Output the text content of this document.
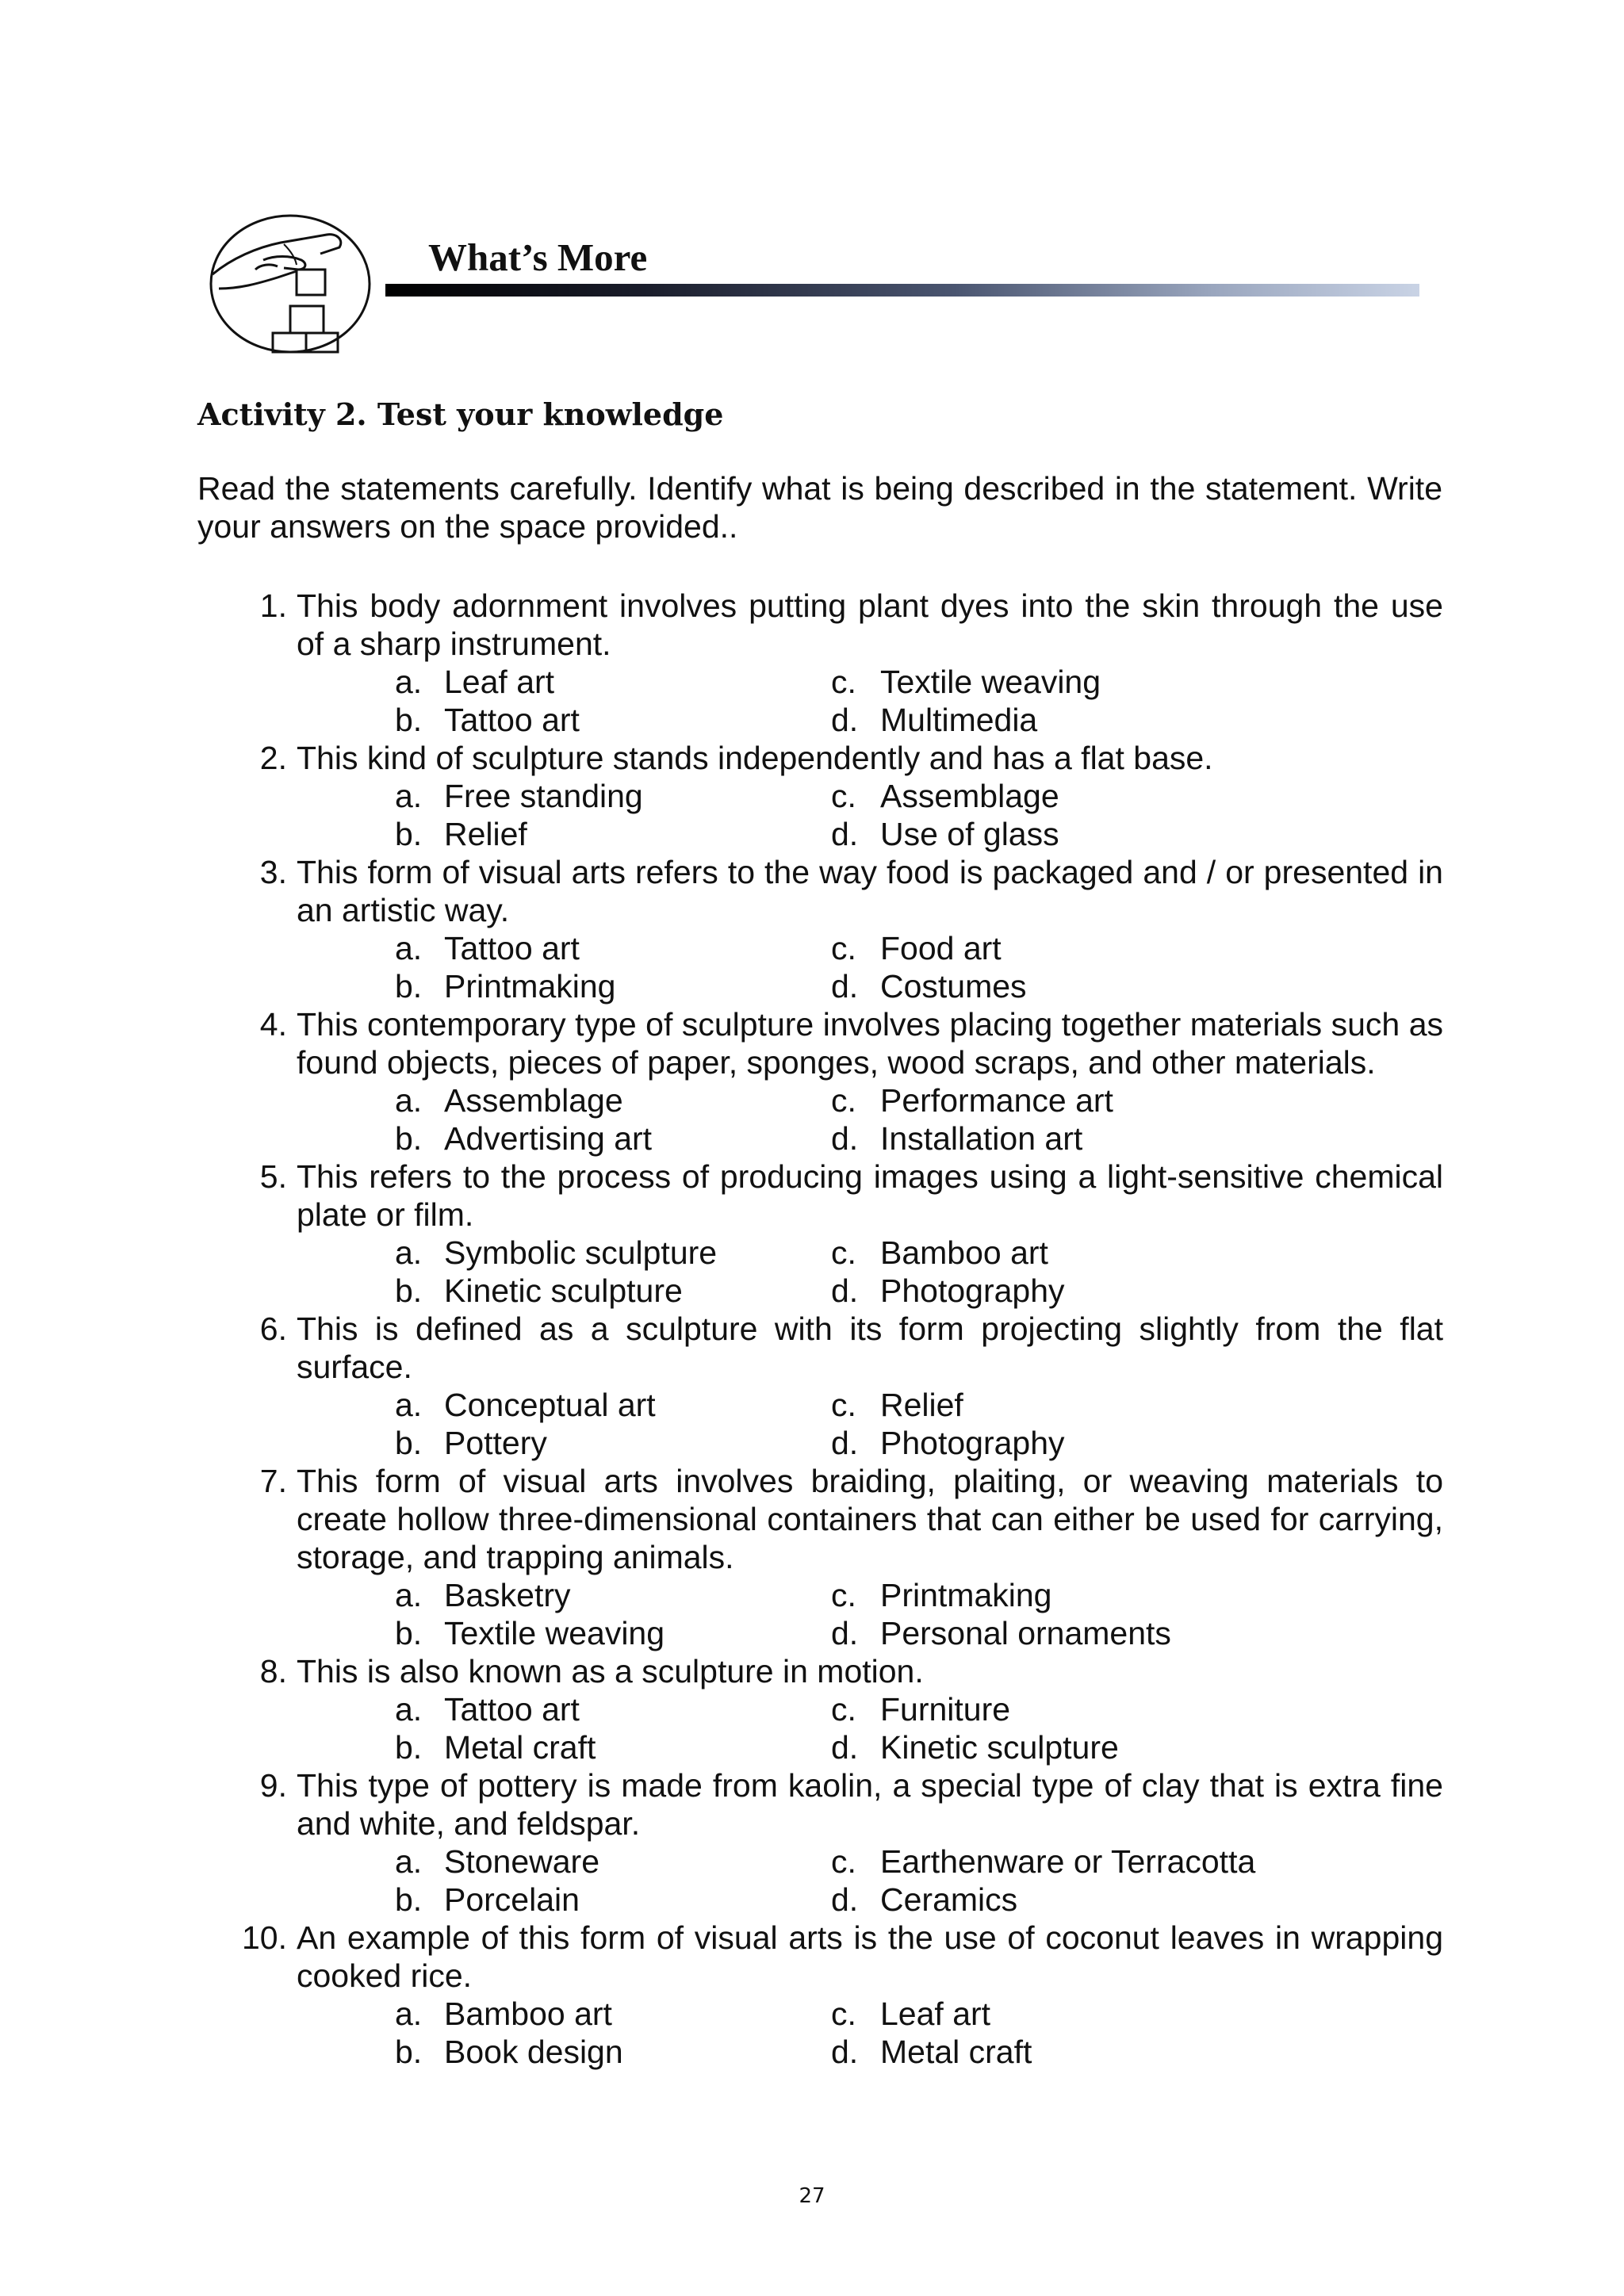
What’s More
Activity 2. Test your knowledge

Read the statements carefully. Identify what is being described in the statement. Write your answers on the space provided..

1. This body adornment involves putting plant dyes into the skin through the use of a sharp instrument.
a. Leaf art
b. Tattoo art
c. Textile weaving
d. Multimedia
2. This kind of sculpture stands independently and has a flat base.
a. Free standing
b. Relief
c. Assemblage
d. Use of glass
3. This form of visual arts refers to the way food is packaged and / or presented in an artistic way.
a. Tattoo art
b. Printmaking
c. Food art
d. Costumes
4. This contemporary type of sculpture involves placing together materials such as found objects, pieces of paper, sponges, wood scraps, and other materials.
a. Assemblage
b. Advertising art
c. Performance art
d. Installation art
5. This refers to the process of producing images using a light-sensitive chemical plate or film.
a. Symbolic sculpture
b. Kinetic sculpture
c. Bamboo art
d. Photography
6. This is defined as a sculpture with its form projecting slightly from the flat surface.
a. Conceptual art
b. Pottery
c. Relief
d. Photography
7. This form of visual arts involves braiding, plaiting, or weaving materials to create hollow three-dimensional containers that can either be used for carrying, storage, and trapping animals.
a. Basketry
b. Textile weaving
c. Printmaking
d. Personal ornaments
8. This is also known as a sculpture in motion.
a. Tattoo art
b. Metal craft
c. Furniture
d. Kinetic sculpture
9. This type of pottery is made from kaolin, a special type of clay that is extra fine and white, and feldspar.
a. Stoneware
b. Porcelain
c. Earthenware or Terracotta
d. Ceramics
10. An example of this form of visual arts is the use of coconut leaves in wrapping cooked rice.
a. Bamboo art
b. Book design
c. Leaf art
d. Metal craft
27
